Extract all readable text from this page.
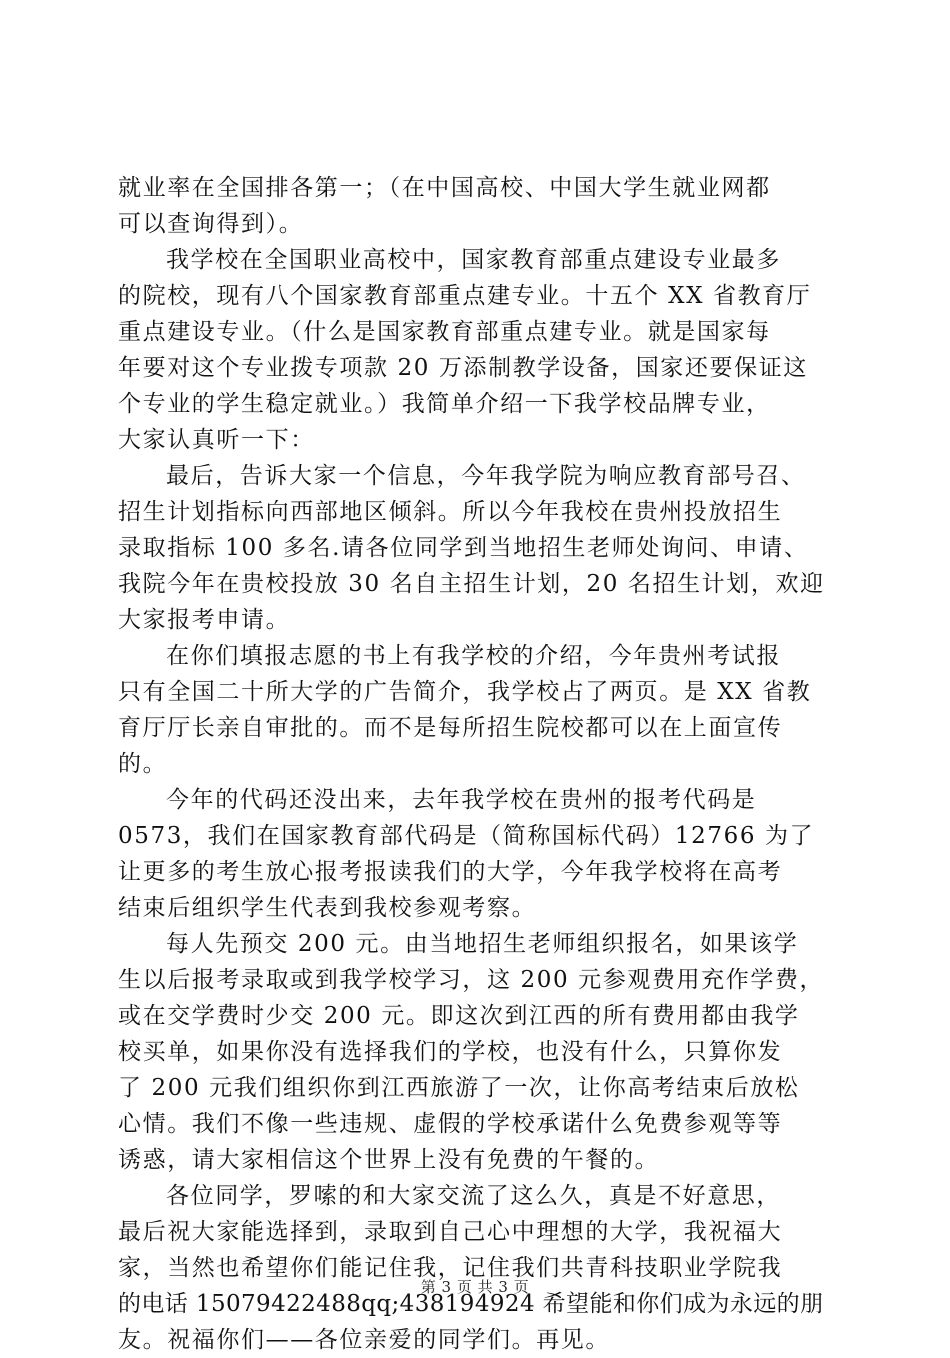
就业率在全国排各第一；（在中国高校、中国大学生就业网都
可以查询得到）。
我学校在全国职业高校中，国家教育部重点建设专业最多
的院校，现有八个国家教育部重点建专业。十五个 XX 省教育厅
重点建设专业。（什么是国家教育部重点建专业。就是国家每
年要对这个专业拨专项款 20 万添制教学设备，国家还要保证这
个专业的学生稳定就业。）我简单介绍一下我学校品牌专业，
大家认真听一下：
最后，告诉大家一个信息，今年我学院为响应教育部号召、
招生计划指标向西部地区倾斜。所以今年我校在贵州投放招生
录取指标 100 多名.请各位同学到当地招生老师处询问、申请、
我院今年在贵校投放 30 名自主招生计划，20 名招生计划，欢迎
大家报考申请。
在你们填报志愿的书上有我学校的介绍，今年贵州考试报
只有全国二十所大学的广告简介，我学校占了两页。是 XX 省教
育厅厅长亲自审批的。而不是每所招生院校都可以在上面宣传
的。
今年的代码还没出来，去年我学校在贵州的报考代码是
0573，我们在国家教育部代码是（简称国标代码）12766 为了
让更多的考生放心报考报读我们的大学，今年我学校将在高考
结束后组织学生代表到我校参观考察。
每人先预交 200 元。由当地招生老师组织报名，如果该学
生以后报考录取或到我学校学习，这 200 元参观费用充作学费，
或在交学费时少交 200 元。即这次到江西的所有费用都由我学
校买单，如果你没有选择我们的学校，也没有什么，只算你发
了 200 元我们组织你到江西旅游了一次，让你高考结束后放松
心情。我们不像一些违规、虚假的学校承诺什么免费参观等等
诱惑，请大家相信这个世界上没有免费的午餐的。
各位同学，罗嗦的和大家交流了这么久，真是不好意思，
最后祝大家能选择到，录取到自己心中理想的大学，我祝福大
家，当然也希望你们能记住我，记住我们共青科技职业学院我
的电话 15079422488qq;438194924 希望能和你们成为永远的朋
友。祝福你们——各位亲爱的同学们。再见。
第 3 页 共 3 页
